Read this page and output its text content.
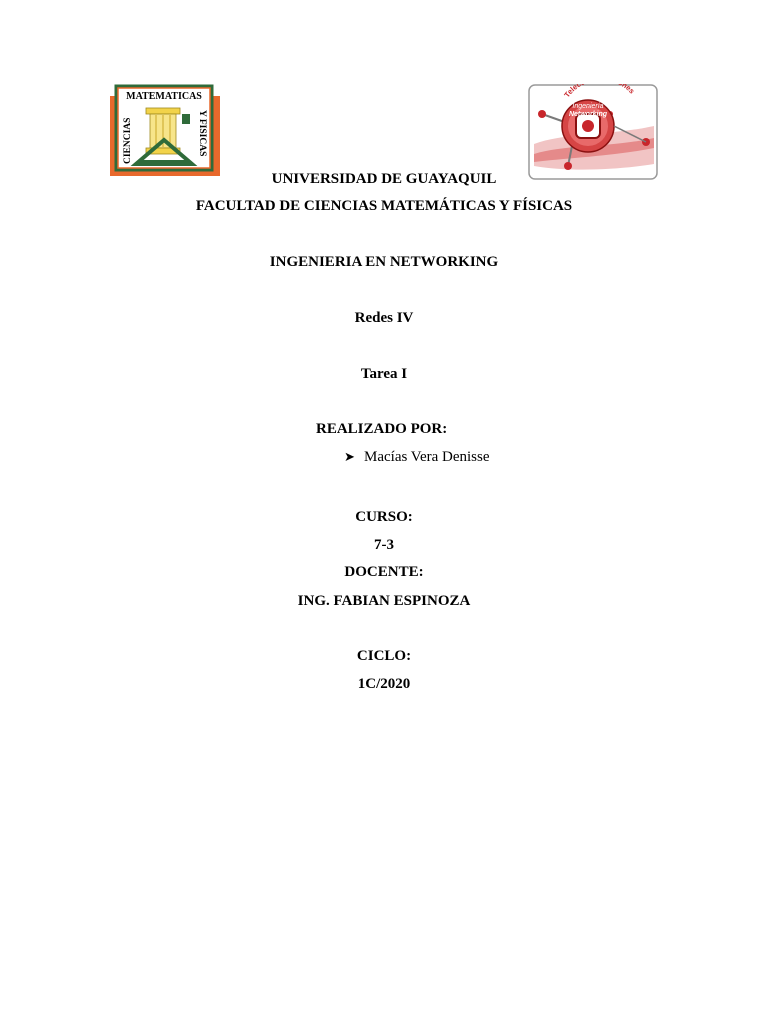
MATEMATICAS
CIENCIAS	Y FISICAS
Ingeniería
Networking
Telec nes
UNIVERSIDAD DE GUAYAQUIL
FACULTAD DE CIENCIAS MATEMÁTICAS Y FÍSICAS
INGENIERIA EN NETWORKING
Redes IV
Tarea I
REALIZADO POR:
➤ Macías Vera Denisse
CURSO:
7-3
DOCENTE:
ING. FABIAN ESPINOZA
CICLO:
1C/2020
